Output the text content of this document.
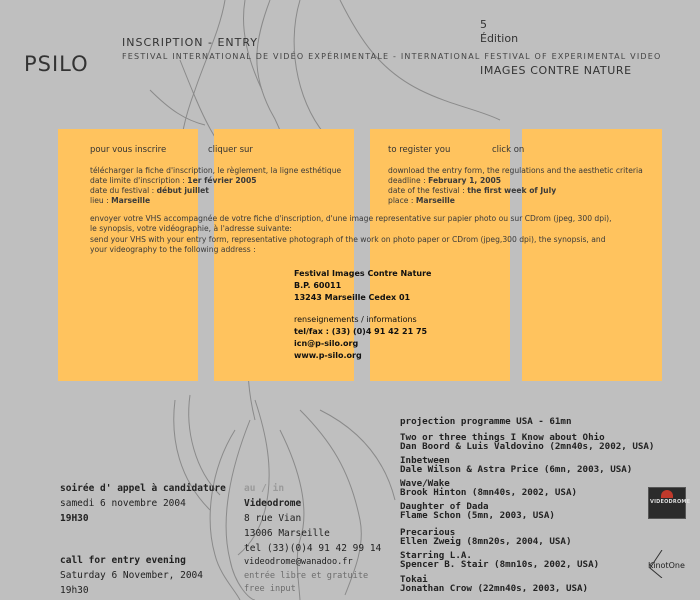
PSILO
INSCRIPTION - ENTRY
FESTIVAL INTERNATIONAL DE VIDÉO EXPÉRIMENTALE - INTERNATIONAL FESTIVAL OF EXPERIMENTAL VIDEO
5
Édition
IMAGES CONTRE NATURE
pour vous inscrire	cliquer sur
télécharger la fiche d'inscription, le règlement, la ligne esthétique
date limite d'inscription : 1er février 2005
date du festival : début juillet
lieu : Marseille
to register you	click on
download the entry form, the regulations and the aesthetic criteria
deadline : February 1, 2005
date of the festival : the first week of July
place : Marseille
envoyer votre VHS accompagnée de votre fiche d'inscription, d'une image representative sur papier photo ou sur CDrom (jpeg, 300 dpi),
le synopsis, votre vidéographie, à l'adresse suivante:
send your VHS with your entry form, representative photograph of the work on photo paper or CDrom (jpeg,300 dpi), the synopsis, and
your videography to the following address :
Festival Images Contre Nature
B.P. 60011
13243 Marseille Cedex 01
renseignements / informations
tel/fax : (33) (0)4 91 42 21 75
icn@p-silo.org
www.p-silo.org
soirée d' appel à candidature
samedi 6 novembre 2004
19H30
call for entry evening
Saturday 6 November, 2004
19h30
au / in
Videodrome
8 rue Vian
13006 Marseille
tel (33)(0)4 91 42 99 14
videodrome@wanadoo.fr
entrée libre et gratuite
free input
projection programme USA - 61mn
Two or three things I Know about Ohio
Dan Boord & Luis Valdovino (2mn40s, 2002, USA)
Inbetween
Dale Wilson & Astra Price (6mn, 2003, USA)
Wave/Wake
Brook Hinton (8mn40s, 2002, USA)
Daughter of Dada
Flame Schon (5mn, 2003, USA)
Precarious
Ellen Zweig (8mn20s, 2004, USA)
Starring L.A.
Spencer B. Stair (8mn10s, 2002, USA)
Tokai
Jonathan Crow (22mn40s, 2003, USA)
VIDEODROME
KinotOne
